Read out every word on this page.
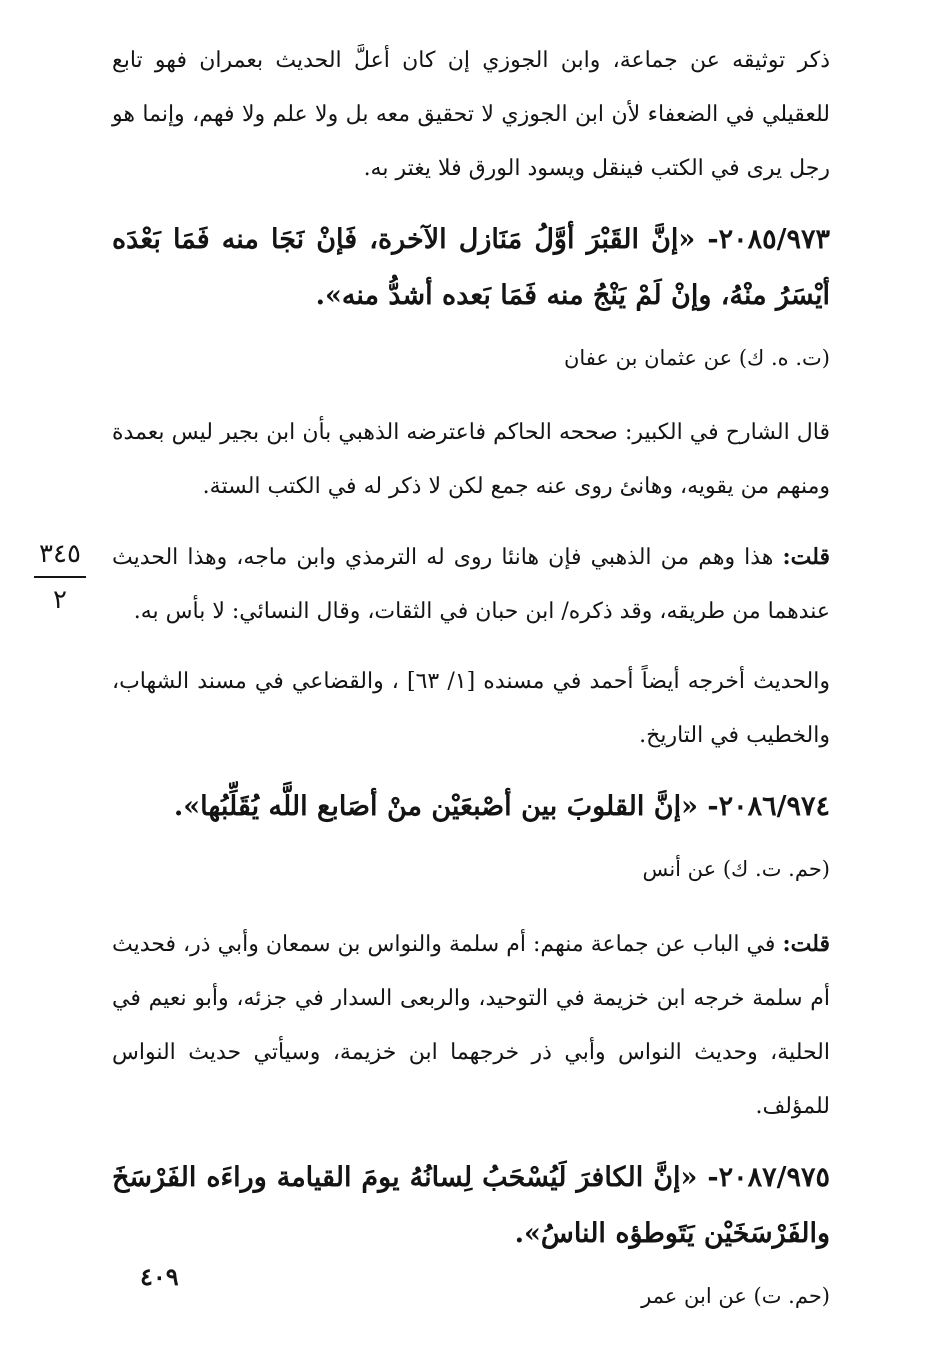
ذكر توثيقه عن جماعة، وابن الجوزي إن كان أعلَّ الحديث بعمران فهو تابع للعقيلي في الضعفاء لأن ابن الجوزي لا تحقيق معه بل ولا علم ولا فهم، وإنما هو رجل يرى في الكتب فينقل ويسود الورق فلا يغتر به.

٢٠٨٥/٩٧٣- «إنَّ القَبْرَ أوَّلُ مَنَازل الآخرة، فَإنْ نَجَا منه فَمَا بَعْدَه أيْسَرُ منْهُ، وإنْ لَمْ يَنْجُ منه فَمَا بَعده أشدُّ منه».

(ت. ه. ك) عن عثمان بن عفان

قال الشارح في الكبير: صححه الحاكم فاعترضه الذهبي بأن ابن بجير ليس بعمدة ومنهم من يقويه، وهانئ روى عنه جمع لكن لا ذكر له في الكتب الستة.

قلت: هذا وهم من الذهبي فإن هانئا روى له الترمذي وابن ماجه، وهذا الحديث عندهما من طريقه، وقد ذكره/ ابن حبان في الثقات، وقال النسائي: لا بأس به.

والحديث أخرجه أيضاً أحمد في مسنده [١/ ٦٣] ، والقضاعي في مسند الشهاب، والخطيب في التاريخ.

٢٠٨٦/٩٧٤- «إنَّ القلوبَ بين أصْبعَيْن منْ أصَابع اللَّه يُقَلِّبُها».

(حم. ت. ك) عن أنس

قلت: في الباب عن جماعة منهم: أم سلمة والنواس بن سمعان وأبي ذر، فحديث أم سلمة خرجه ابن خزيمة في التوحيد، والربعى السدار في جزئه، وأبو نعيم في الحلية، وحديث النواس وأبي ذر خرجهما ابن خزيمة، وسيأتي حديث النواس للمؤلف.

٢٠٨٧/٩٧٥- «إنَّ الكافرَ لَيُسْحَبُ لِسانُهُ يومَ القيامة وراءَه الفَرْسَخَ والفَرْسَخَيْن يَتَوطؤه الناسُ».

(حم. ت) عن ابن عمر

٣٤٥
٢
٤٠٩
